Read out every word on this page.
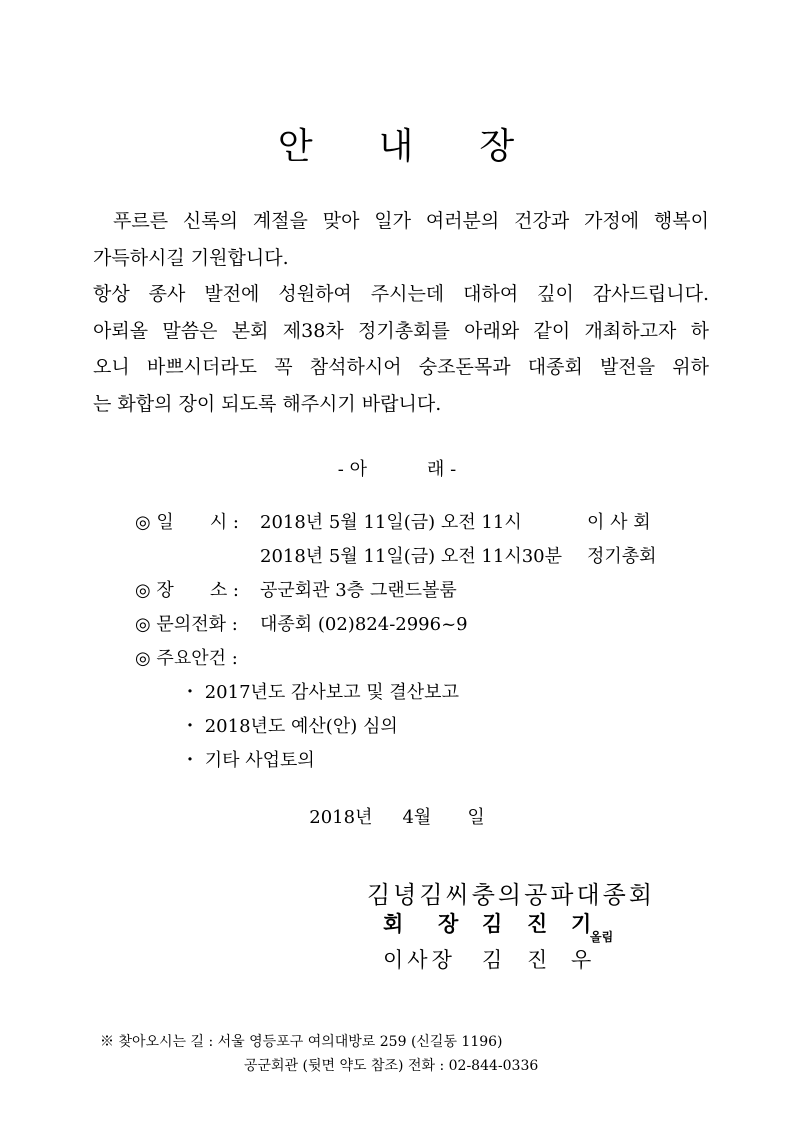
안 내 장

푸르른 신록의 계절을 맞아 일가 여러분의 건강과 가정에 행복이

가득하시길 기원합니다.

항상 종사 발전에 성원하여 주시는데 대하여 깊이 감사드립니다.

아뢰올 말씀은 본회 제38차 정기총회를 아래와 같이 개최하고자 하

오니 바쁘시더라도 꼭 참석하시어 숭조돈목과 대종회 발전을 위하

는 화합의 장이 되도록 해주시기 바랍니다.

- 아	래 -
◎ 일　　시 : 2018년 5월 11일(금) 오전 11시	이 사 회
2018년 5월 11일(금) 오전 11시30분 정기총회
◎ 장　　소 : 공군회관 3층 그랜드볼룸
◎ 문의전화 : 대종회 (02)824-2996~9
◎ 주요안건 :
・ 2017년도 감사보고 및 결산보고
・ 2018년도 예산(안) 심의
・ 기타 사업토의
2018년 4월 일
김녕김씨충의공파대종회
회 장 김 진 기
이사장 김 진 우
올림
※ 찾아오시는 길 : 서울 영등포구 여의대방로 259 (신길동 1196)
공군회관 (뒷면 약도 참조) 전화 : 02-844-0336
